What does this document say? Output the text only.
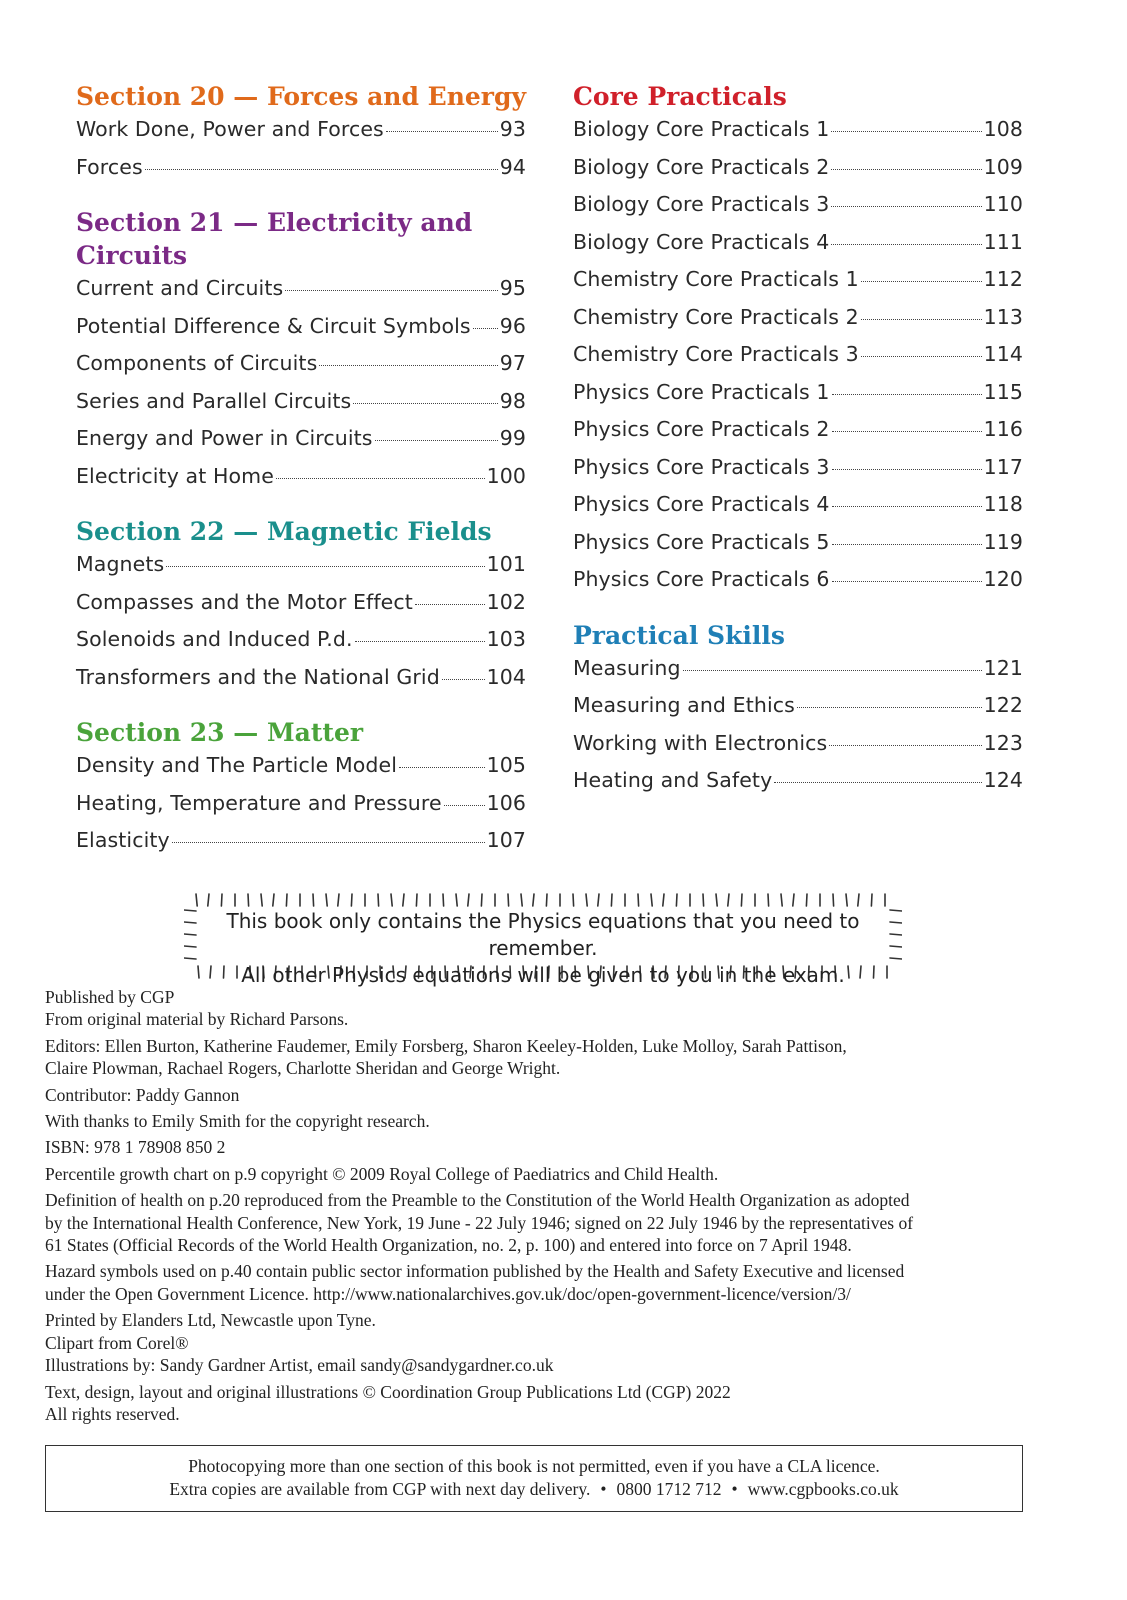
Section 20 — Forces and Energy
Work Done, Power and Forces	93
Forces	94
Section 21 — Electricity and Circuits
Current and Circuits	95
Potential Difference & Circuit Symbols 96
Components of Circuits	97
Series and Parallel Circuits	98
Energy and Power in Circuits	99
Electricity at Home	100
Section 22 — Magnetic Fields
Magnets	101
Compasses and the Motor Effect	102
Solenoids and Induced P.d.	103
Transformers and the National Grid 104
Section 23 — Matter
Density and The Particle Model	105
Heating, Temperature and Pressure 106
Elasticity	107
Core Practicals
Biology Core Practicals 1	108
Biology Core Practicals 2	109
Biology Core Practicals 3	110
Biology Core Practicals 4	111
Chemistry Core Practicals 1	112
Chemistry Core Practicals 2	113
Chemistry Core Practicals 3	114
Physics Core Practicals 1	115
Physics Core Practicals 2	116
Physics Core Practicals 3	117
Physics Core Practicals 4	118
Physics Core Practicals 5	119
Physics Core Practicals 6	120
Practical Skills
Measuring	121
Measuring and Ethics	122
Working with Electronics	123
Heating and Safety	124
This book only contains the Physics equations that you need to remember.
All other Physics equations will be given to you in the exam.
Published by CGP
From original material by Richard Parsons.
Editors: Ellen Burton, Katherine Faudemer, Emily Forsberg, Sharon Keeley-Holden, Luke Molloy, Sarah Pattison,
Claire Plowman, Rachael Rogers, Charlotte Sheridan and George Wright.
Contributor: Paddy Gannon
With thanks to Emily Smith for the copyright research.
ISBN: 978 1 78908 850 2
Percentile growth chart on p.9 copyright © 2009 Royal College of Paediatrics and Child Health.
Definition of health on p.20 reproduced from the Preamble to the Constitution of the World Health Organization as adopted
by the International Health Conference, New York, 19 June - 22 July 1946; signed on 22 July 1946 by the representatives of
61 States (Official Records of the World Health Organization, no. 2, p. 100) and entered into force on 7 April 1948.
Hazard symbols used on p.40 contain public sector information published by the Health and Safety Executive and licensed
under the Open Government Licence. http://www.nationalarchives.gov.uk/doc/open-government-licence/version/3/
Printed by Elanders Ltd, Newcastle upon Tyne.
Clipart from Corel®
Illustrations by: Sandy Gardner Artist, email sandy@sandygardner.co.uk
Text, design, layout and original illustrations © Coordination Group Publications Ltd (CGP) 2022
All rights reserved.
Photocopying more than one section of this book is not permitted, even if you have a CLA licence.
Extra copies are available from CGP with next day delivery. • 0800 1712 712 • www.cgpbooks.co.uk
